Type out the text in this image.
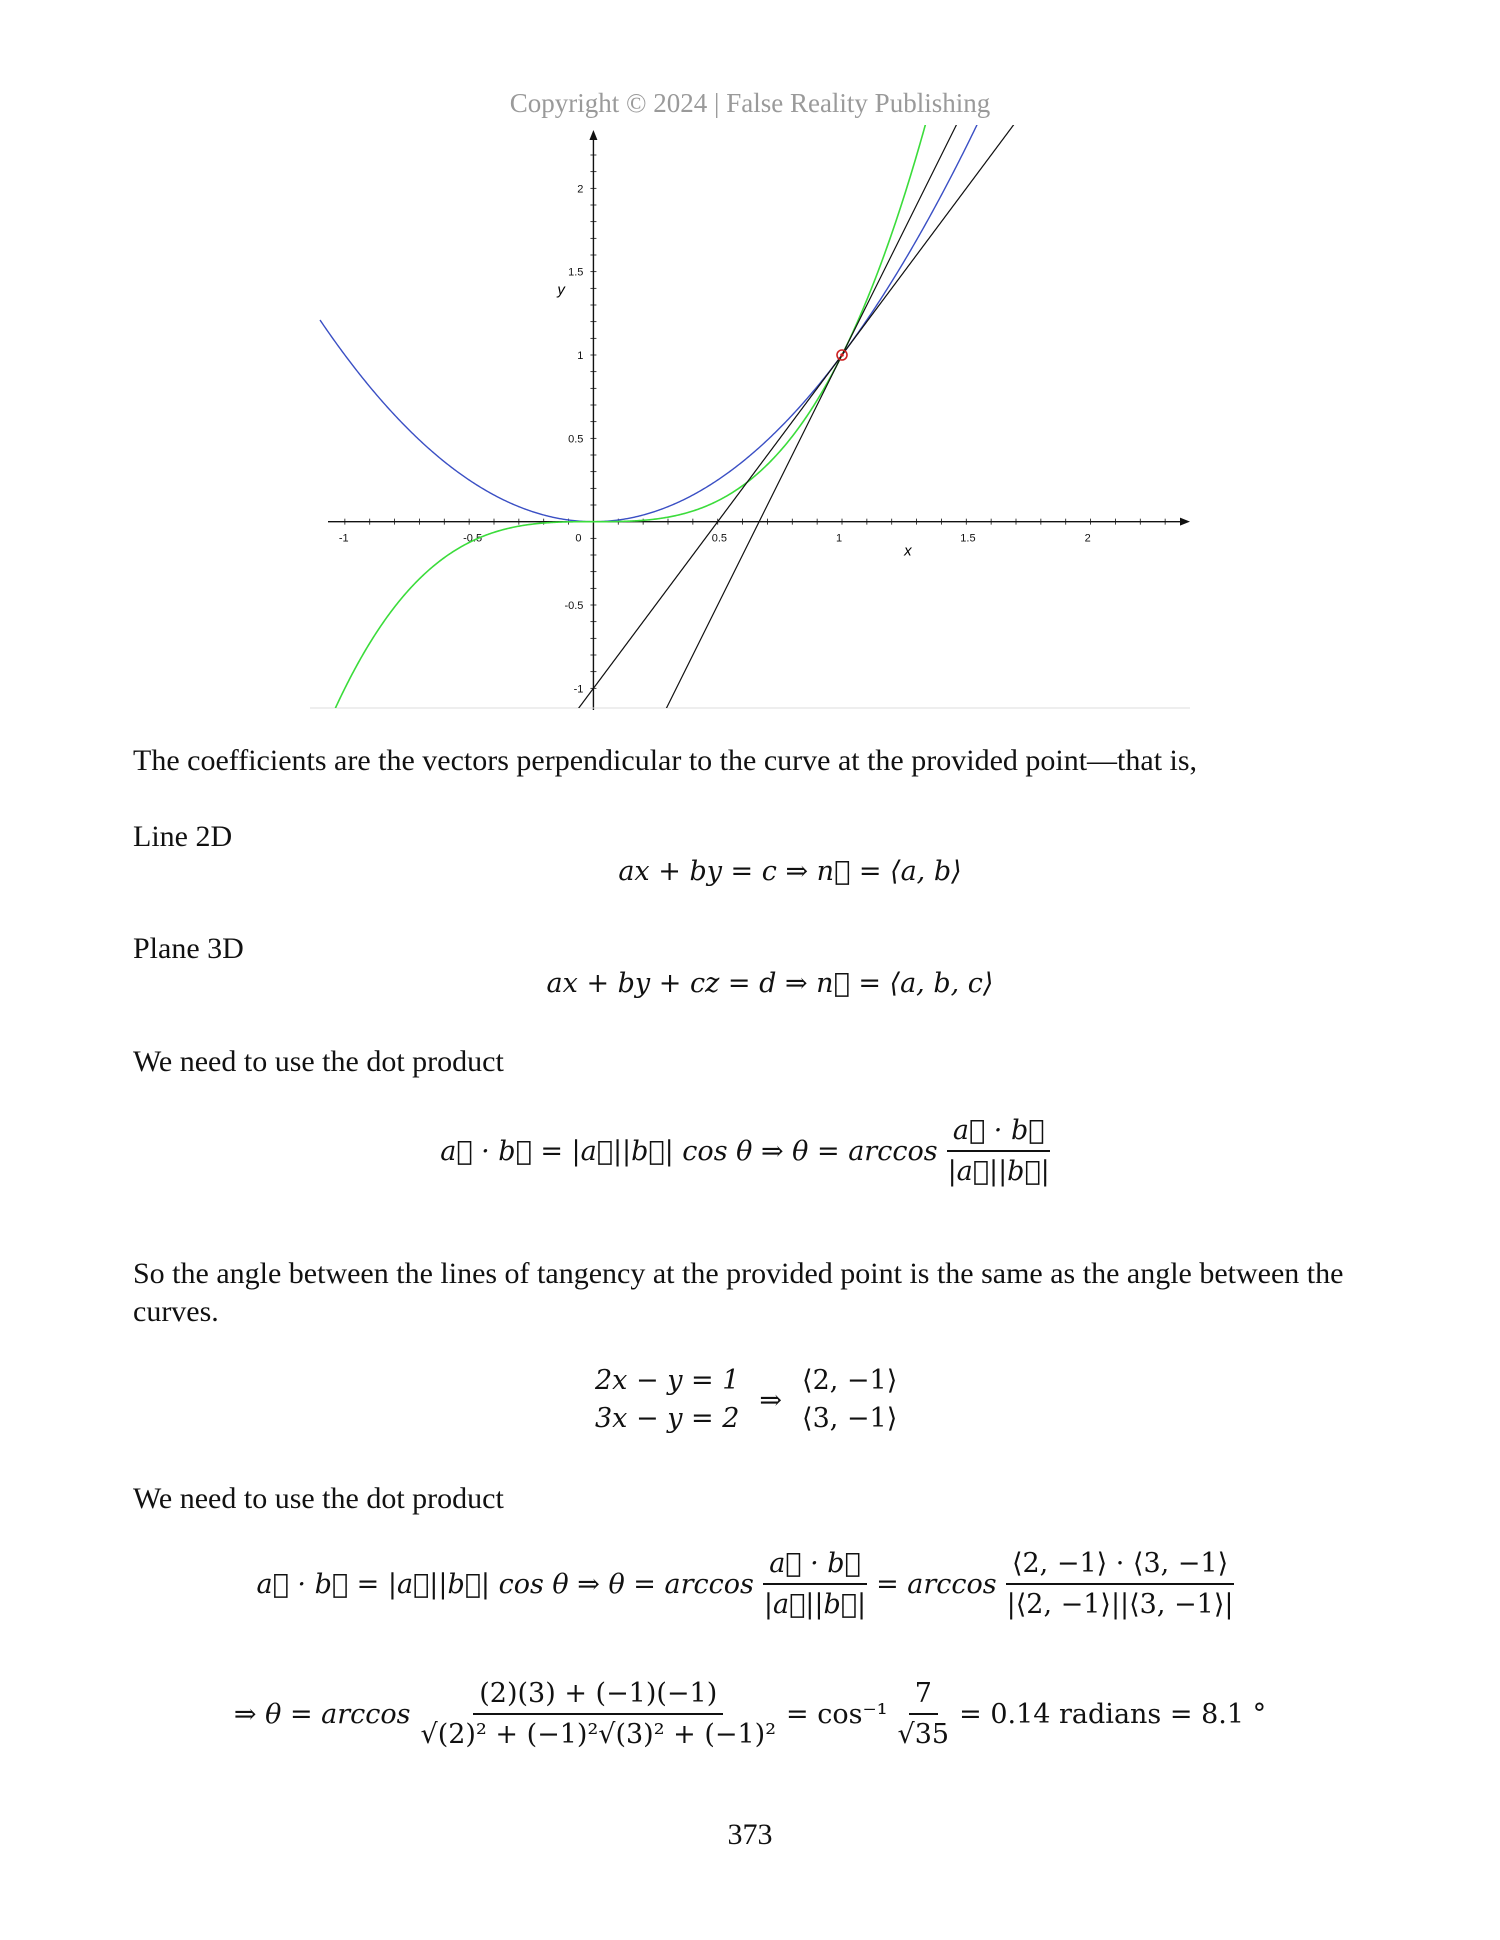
Copyright © 2024 | False Reality Publishing
-1	-0.5	0	0.5	1	1.5	2
2
1.5
1
0.5
-0.5
-1
x
y
The coefficients are the vectors perpendicular to the curve at the provided point—that is,
Line 2D
ax + by = c ⇒ n⃗ = ⟨a, b⟩
Plane 3D
ax + by + cz = d ⇒ n⃗ = ⟨a, b, c⟩
We need to use the dot product
a⃗ · b⃗ = |a⃗||b⃗| cos θ ⇒ $\theta = \arccos \frac{a⃗ \cdot b⃗}{|a⃗||b⃗|}$
So the angle between the lines of tangency at the provided point is the same as the angle between the curves.
2x − y = 1
3x − y = 2
⇒
⟨2, −1⟩
⟨3, −1⟩
We need to use the dot product
a⃗ · b⃗ = |a⃗||b⃗| cos θ ⇒ $\theta = \arccos \frac{a⃗ \cdot b⃗}{|a⃗||b⃗|} = \arccos \frac{⟨2, -1⟩ \cdot ⟨3, -1⟩}{|⟨2, -1⟩||⟨3, -1⟩|}$
⇒ $\theta = \arccos \frac{(2)(3) + (-1)(-1)}{\text{√(2)² + (−1)²√(3)² + (−1)²}} = \cos^{-1} \frac{7}{√35} = 0.14$ radians = 8.1 °
373
